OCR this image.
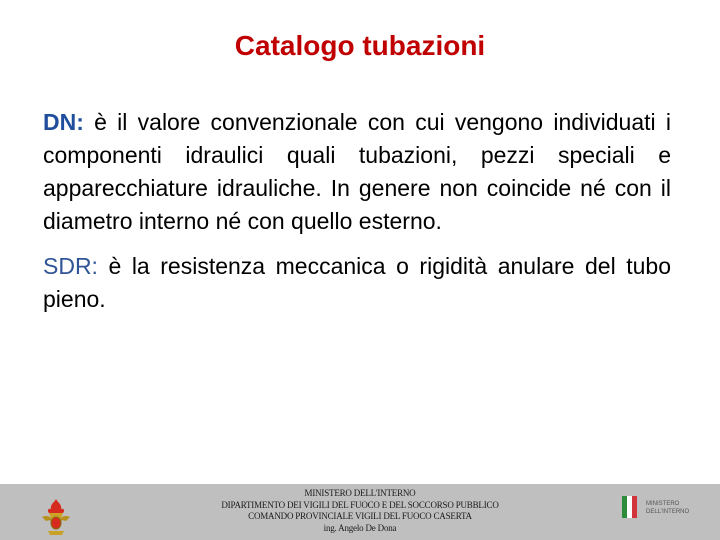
Catalogo tubazioni

DN: è il valore convenzionale con cui vengono individuati i componenti idraulici quali tubazioni, pezzi speciali e apparecchiature idrauliche. In genere non coincide né con il diametro interno né con quello esterno.

SDR: è la resistenza meccanica o rigidità anulare del tubo pieno.

MINISTERO DELL'INTERNO
DIPARTIMENTO DEI VIGILI DEL FUOCO E DEL SOCCORSO PUBBLICO
COMANDO PROVINCIALE VIGILI DEL FUOCO CASERTA
ing. Angelo De Dona
MINISTERO
DELL'INTERNO
